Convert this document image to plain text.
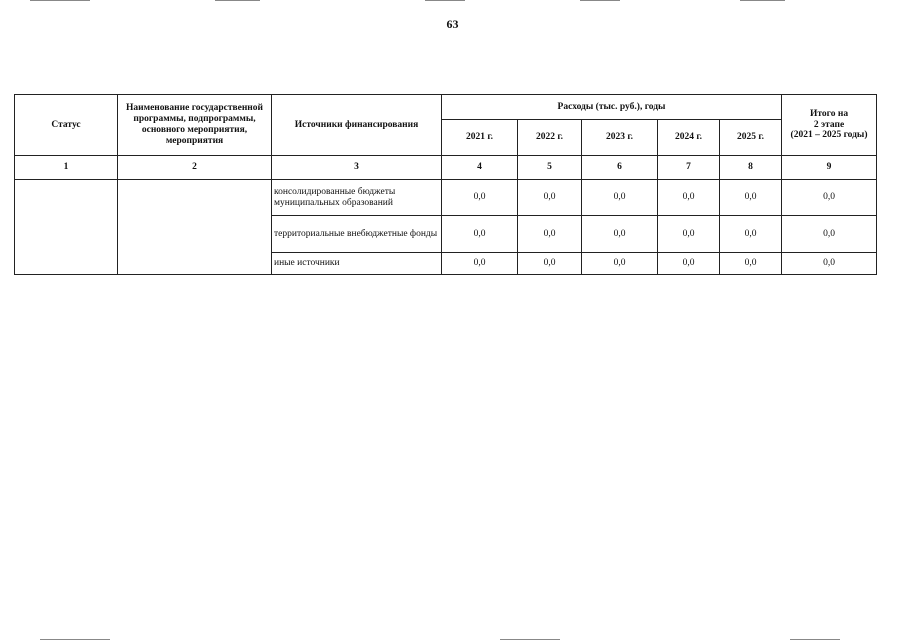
63
Статус	Наименование государственной программы, подпрограммы, основного мероприятия, мероприятия	Источники финансирования	Расходы (тыс. руб.), годы					Итого на
2 этапе
(2021 – 2025 годы)
			2021 г.	2022 г.	2023 г.	2024 г.	2025 г.	
1	2	3	4	5	6	7	8	9
		консолидированные бюджеты муниципальных образований	0,0	0,0	0,0	0,0	0,0	0,0
		территориальные внебюджетные фонды	0,0	0,0	0,0	0,0	0,0	0,0
		иные источники	0,0	0,0	0,0	0,0	0,0	0,0
